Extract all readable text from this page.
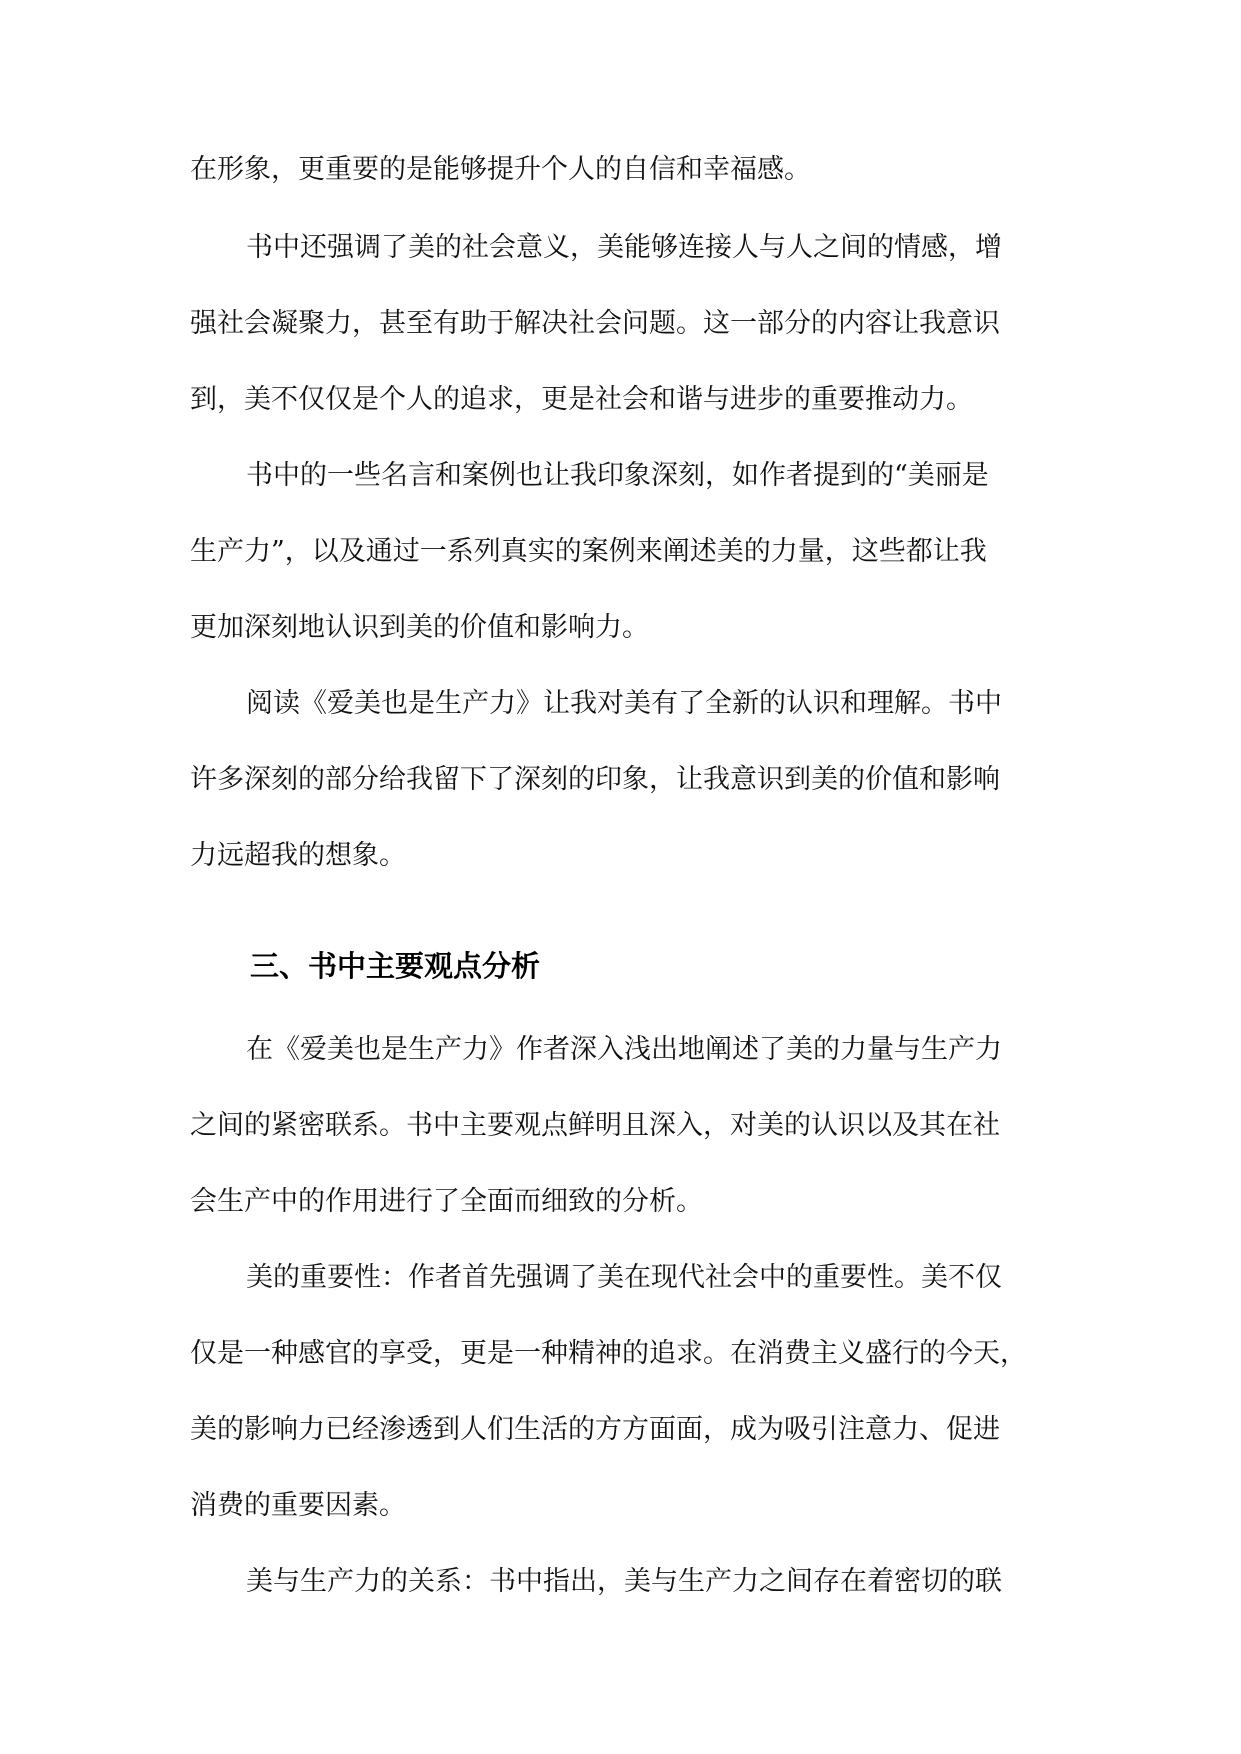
在形象，更重要的是能够提升个人的自信和幸福感。

书中还强调了美的社会意义，美能够连接人与人之间的情感，增

强社会凝聚力，甚至有助于解决社会问题。这一部分的内容让我意识

到，美不仅仅是个人的追求，更是社会和谐与进步的重要推动力。

书中的一些名言和案例也让我印象深刻，如作者提到的“美丽是

生产力”，以及通过一系列真实的案例来阐述美的力量，这些都让我

更加深刻地认识到美的价值和影响力。

阅读《爱美也是生产力》让我对美有了全新的认识和理解。书中

许多深刻的部分给我留下了深刻的印象，让我意识到美的价值和影响

力远超我的想象。

三、书中主要观点分析

在《爱美也是生产力》作者深入浅出地阐述了美的力量与生产力

之间的紧密联系。书中主要观点鲜明且深入，对美的认识以及其在社

会生产中的作用进行了全面而细致的分析。

美的重要性：作者首先强调了美在现代社会中的重要性。美不仅

仅是一种感官的享受，更是一种精神的追求。在消费主义盛行的今天，

美的影响力已经渗透到人们生活的方方面面，成为吸引注意力、促进

消费的重要因素。

美与生产力的关系：书中指出，美与生产力之间存在着密切的联
